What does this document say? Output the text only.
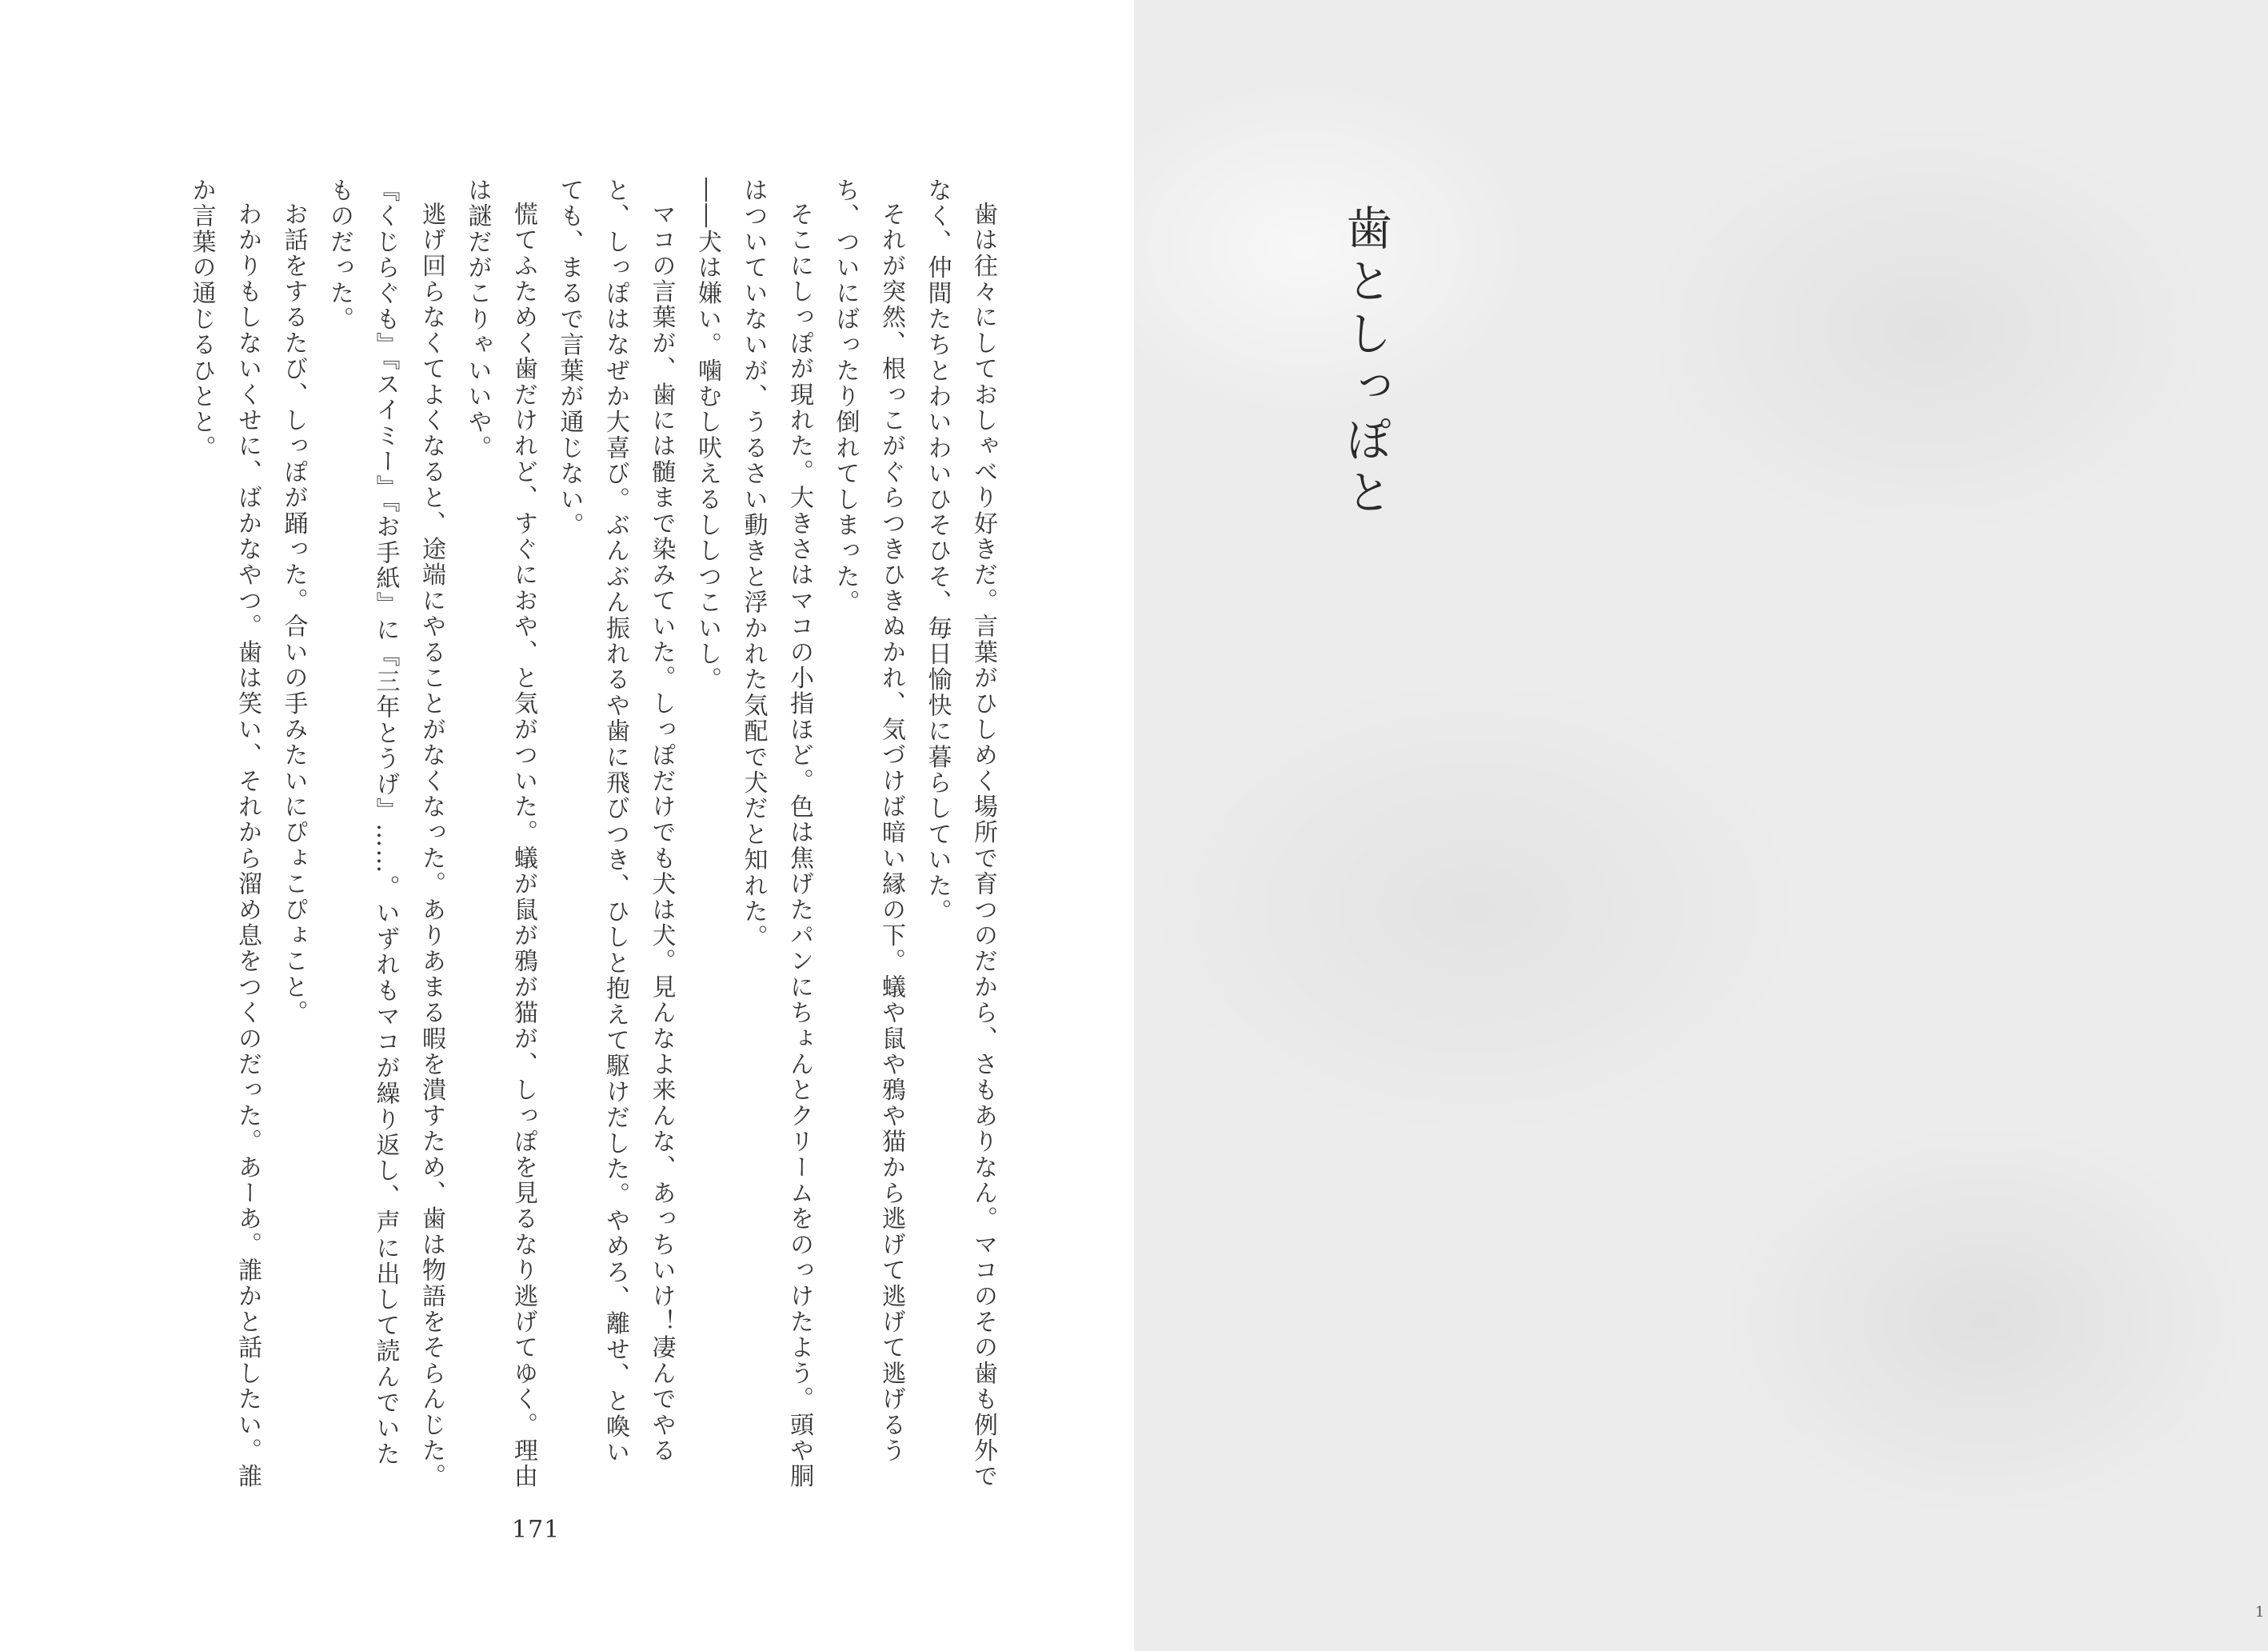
歯は往々にしておしゃべり好きだ。言葉がひしめく場所で育つのだから、さもありなん。マコのその歯も例外でなく、仲間たちとわいわいひそひそ、毎日愉快に暮らしていた。

それが突然、根っこがぐらつきひきぬかれ、気づけば暗い縁の下。蟻や鼠や鴉や猫から逃げて逃げて逃げるうち、ついにばったり倒れてしまった。

そこにしっぽが現れた。大きさはマコの小指ほど。色は焦げたパンにちょんとクリームをのっけたよう。頭や胴はついていないが、うるさい動きと浮かれた気配で犬だと知れた。

――犬は嫌い。噛むし吠えるししつこいし。

マコの言葉が、歯には髄まで染みていた。しっぽだけでも犬は犬。見んなよ来んな、あっちいけ！凄んでやると、しっぽはなぜか大喜び。ぶんぶん振れるや歯に飛びつき、ひしと抱えて駆けだした。やめろ、離せ、と喚いても、まるで言葉が通じない。

慌てふためく歯だけれど、すぐにおや、と気がついた。蟻が鼠が鴉が猫が、しっぽを見るなり逃げてゆく。理由は謎だがこりゃいいや。

逃げ回らなくてよくなると、途端にやることがなくなった。ありあまる暇を潰すため、歯は物語をそらんじた。『くじらぐも』『スイミー』『お手紙』に『三年とうげ』……。いずれもマコが繰り返し、声に出して読んでいたものだった。

お話をするたび、しっぽが踊った。合いの手みたいにぴょこぴょこと。

わかりもしないくせに、ばかなやつ。歯は笑い、それから溜め息をつくのだった。あーあ。誰かと話したい。誰か言葉の通じるひとと。

171
歯としっぽと
1
